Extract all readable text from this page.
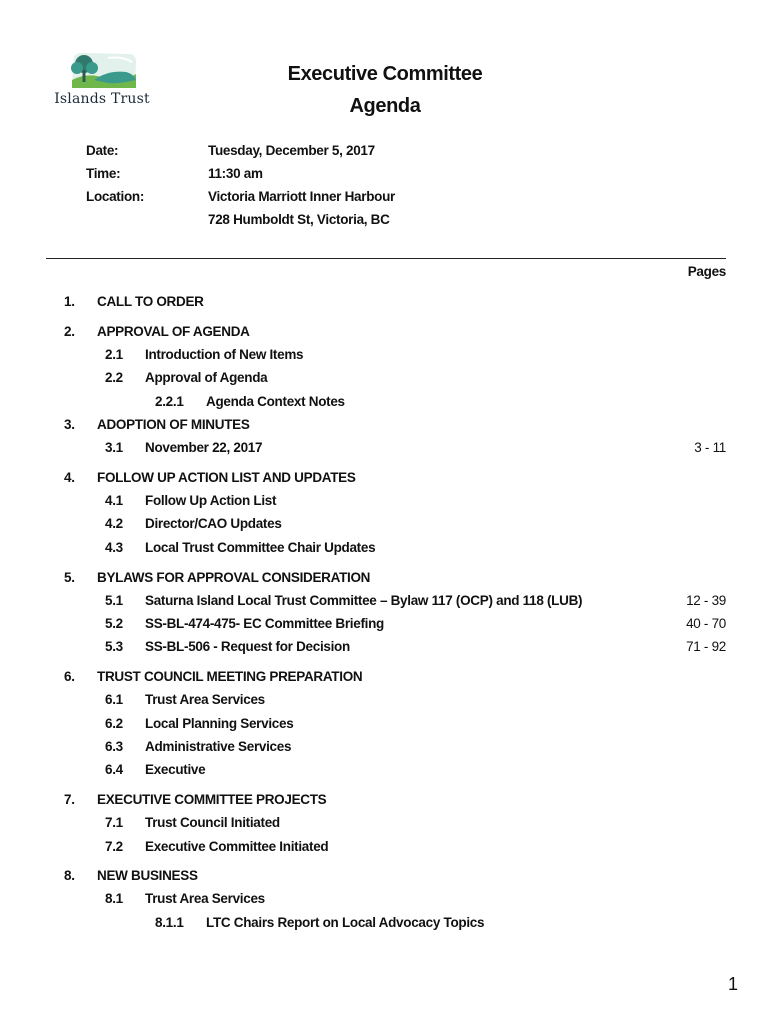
Islands Trust
Executive Committee
Agenda
Date:	Tuesday, December 5, 2017
Time:	11:30 am
Location:	Victoria Marriott Inner Harbour
728 Humboldt St, Victoria, BC
Pages
1. CALL TO ORDER
2. APPROVAL OF AGENDA
2.1 Introduction of New Items
2.2 Approval of Agenda
2.2.1 Agenda Context Notes
3. ADOPTION OF MINUTES
3.1 November 22, 2017	3 - 11
4. FOLLOW UP ACTION LIST AND UPDATES
4.1 Follow Up Action List
4.2 Director/CAO Updates
4.3 Local Trust Committee Chair Updates
5. BYLAWS FOR APPROVAL CONSIDERATION
5.1 Saturna Island Local Trust Committee – Bylaw 117 (OCP) and 118 (LUB)	12 - 39
5.2 SS-BL-474-475- EC Committee Briefing	40 - 70
5.3 SS-BL-506 - Request for Decision	71 - 92
6. TRUST COUNCIL MEETING PREPARATION
6.1 Trust Area Services
6.2 Local Planning Services
6.3 Administrative Services
6.4 Executive
7. EXECUTIVE COMMITTEE PROJECTS
7.1 Trust Council Initiated
7.2 Executive Committee Initiated
8. NEW BUSINESS
8.1 Trust Area Services
8.1.1 LTC Chairs Report on Local Advocacy Topics
1
